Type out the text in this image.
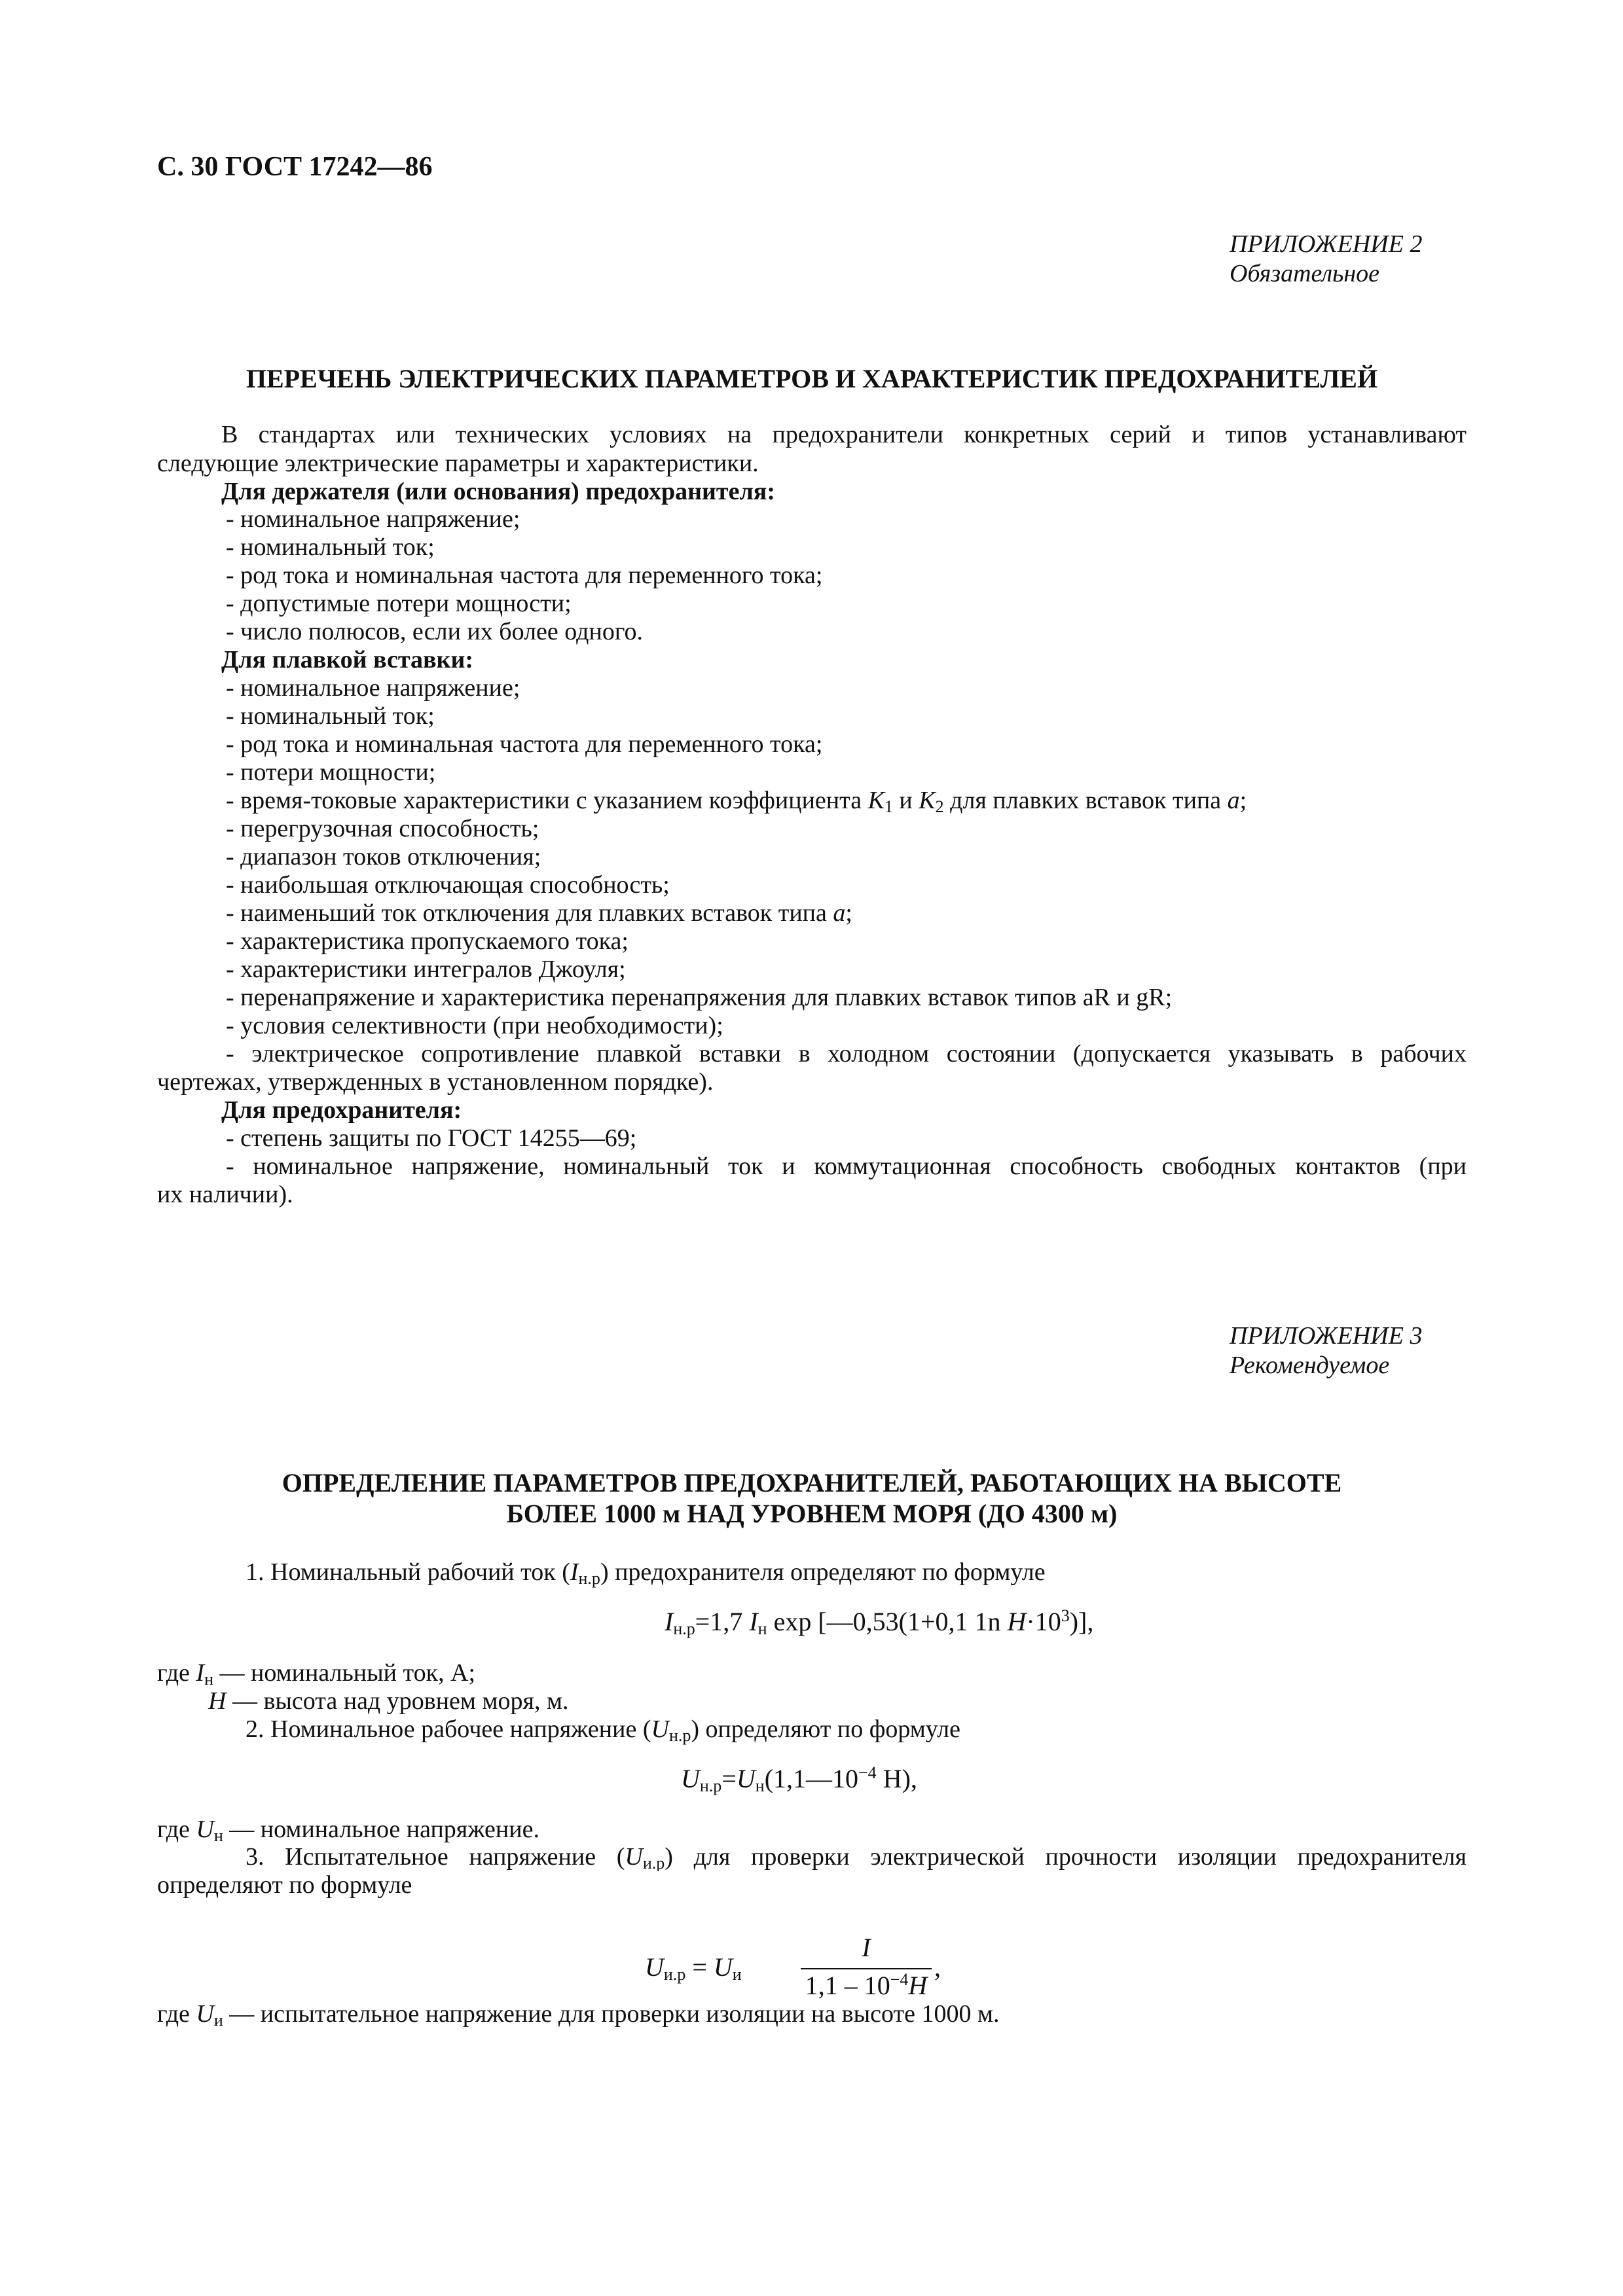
С. 30 ГОСТ 17242—86
ПРИЛОЖЕНИЕ 2
Обязательное
ПЕРЕЧЕНЬ ЭЛЕКТРИЧЕСКИХ ПАРАМЕТРОВ И ХАРАКТЕРИСТИК ПРЕДОХРАНИТЕЛЕЙ
В стандартах или технических условиях на предохранители конкретных серий и типов устанавливают
следующие электрические параметры и характеристики.
Для держателя (или основания) предохранителя:
- номинальное напряжение;
- номинальный ток;
- род тока и номинальная частота для переменного тока;
- допустимые потери мощности;
- число полюсов, если их более одного.
Для плавкой вставки:
- номинальное напряжение;
- номинальный ток;
- род тока и номинальная частота для переменного тока;
- потери мощности;
- время-токовые характеристики с указанием коэффициента $K_1$ и $K_2$ для плавких вставок типа a;
- перегрузочная способность;
- диапазон токов отключения;
- наибольшая отключающая способность;
- наименьший ток отключения для плавких вставок типа a;
- характеристика пропускаемого тока;
- характеристики интегралов Джоуля;
- перенапряжение и характеристика перенапряжения для плавких вставок типов aR и gR;
- условия селективности (при необходимости);
- электрическое сопротивление плавкой вставки в холодном состоянии (допускается указывать в рабочих
чертежах, утвержденных в установленном порядке).
Для предохранителя:
- степень защиты по ГОСТ 14255—69;
- номинальное напряжение, номинальный ток и коммутационная способность свободных контактов (при
их наличии).
ПРИЛОЖЕНИЕ 3
Рекомендуемое
ОПРЕДЕЛЕНИЕ ПАРАМЕТРОВ ПРЕДОХРАНИТЕЛЕЙ, РАБОТАЮЩИХ НА ВЫСОТЕ
БОЛЕЕ 1000 м НАД УРОВНЕМ МОРЯ (ДО 4300 м)
1. Номинальный рабочий ток $(I_{н.р})$ предохранителя определяют по формуле
$I_{н.р}=1,7$ $I_н$ exp [—0,53(1+0,1 1n $H\cdot 10^3$)],
где $I_н$ — номинальный ток, А;
H — высота над уровнем моря, м.
2. Номинальное рабочее напряжение $(U_{н.р})$ определяют по формуле
$U_{н.р}=U_н(1,1—10^{-4}$ Н),
где $U_н$ — номинальное напряжение.
3. Испытательное напряжение $(U_{и.р})$ для проверки электрической прочности изоляции предохранителя
определяют по формуле
$U_{и.р} = U_и$
I
$1,1 - 10^{-4}H$
,
где $U_и$ — испытательное напряжение для проверки изоляции на высоте 1000 м.
